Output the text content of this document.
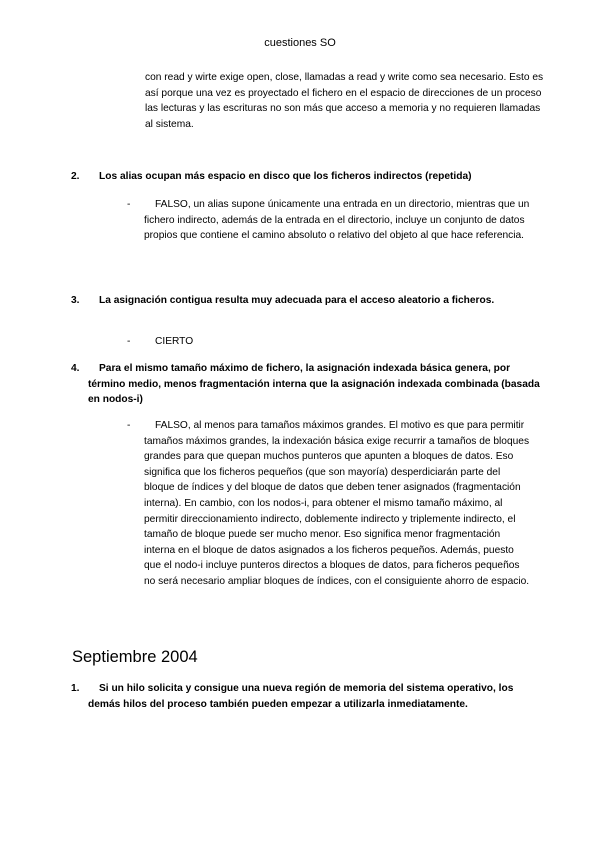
cuestiones SO
con read y wirte exige open, close, llamadas a read y write como sea necesario. Esto es así porque una vez es proyectado el fichero en el espacio de direcciones de un proceso las lecturas y las escrituras no son más que acceso a memoria y no requieren llamadas al sistema.
2.	Los alias ocupan más espacio en disco que los ficheros indirectos (repetida)
-	FALSO, un alias supone únicamente una entrada en un directorio, mientras que un fichero indirecto, además de la entrada en el directorio, incluye un conjunto de datos propios que contiene el camino absoluto o relativo del objeto al que hace referencia.
3.	La asignación contigua resulta muy adecuada para el acceso aleatorio a ficheros.
-	CIERTO
4.	Para el mismo tamaño máximo de fichero, la asignación indexada básica genera, por término medio, menos fragmentación interna que la asignación indexada combinada (basada en nodos-i)
-	FALSO, al menos para tamaños máximos grandes. El motivo es que para permitir tamaños máximos grandes, la indexación básica exige recurrir a tamaños de bloques grandes para que quepan muchos punteros que apunten a bloques de datos. Eso significa que los ficheros pequeños (que son mayoría) desperdiciarán parte del bloque de índices y del bloque de datos que deben tener asignados (fragmentación interna). En cambio, con los nodos-i, para obtener el mismo tamaño máximo, al permitir direccionamiento indirecto, doblemente indirecto y triplemente indirecto, el tamaño de bloque puede ser mucho menor. Eso significa menor fragmentación interna en el bloque de datos asignados a los ficheros pequeños. Además, puesto que el nodo-i incluye punteros directos a bloques de datos, para ficheros pequeños no será necesario ampliar bloques de índices, con el consiguiente ahorro de espacio.
Septiembre 2004
1.	Si un hilo solicita y consigue una nueva región de memoria del sistema operativo, los demás hilos del proceso también pueden empezar a utilizarla inmediatamente.
